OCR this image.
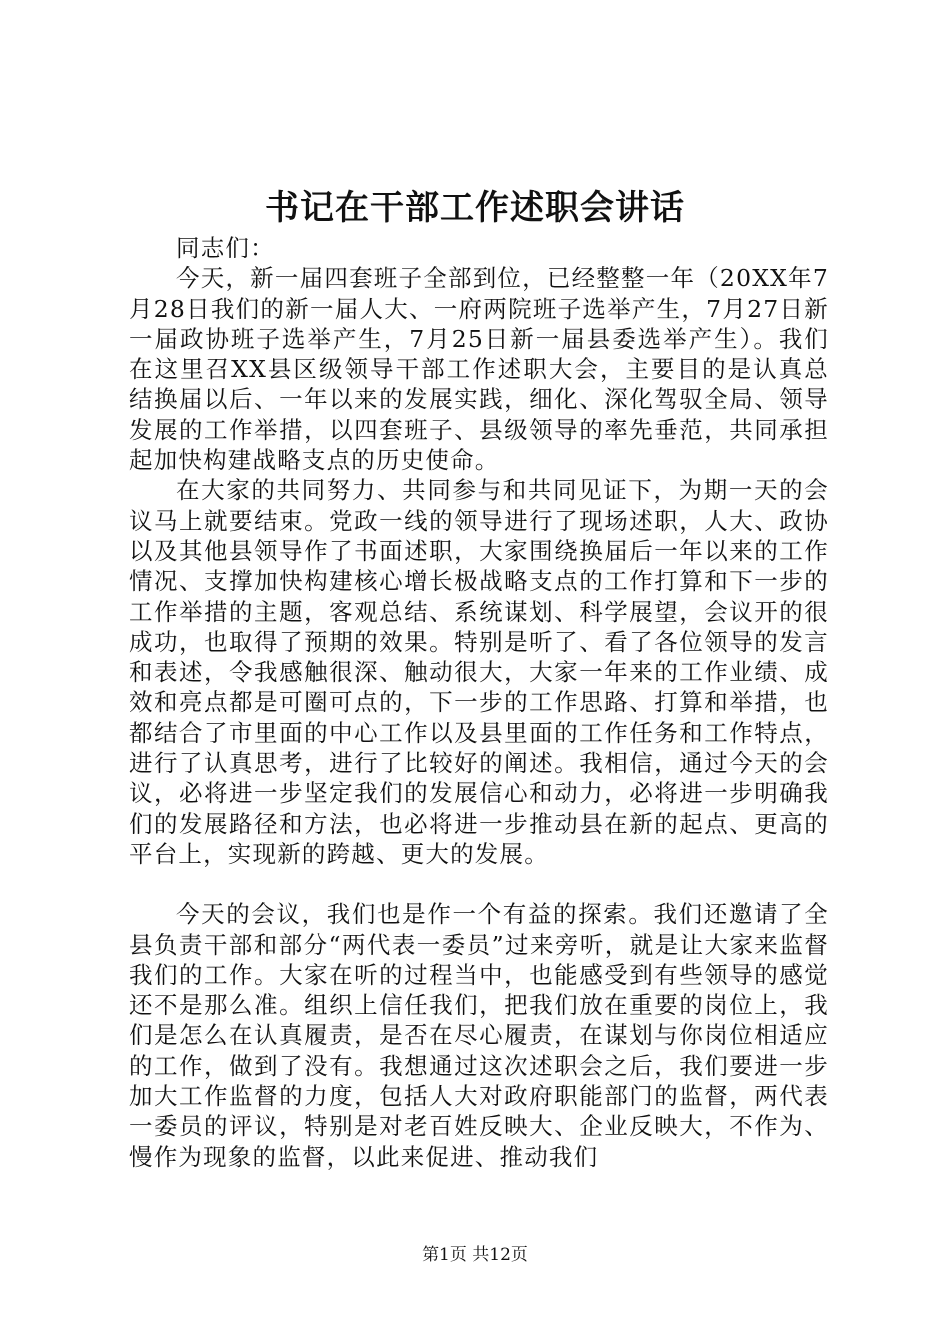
书记在干部工作述职会讲话

同志们：

今天，新一届四套班子全部到位，已经整整一年（20XX年7月28日我们的新一届人大、一府两院班子选举产生，7月27日新一届政协班子选举产生，7月25日新一届县委选举产生）。我们在这里召XX县区级领导干部工作述职大会，主要目的是认真总结换届以后、一年以来的发展实践，细化、深化驾驭全局、领导发展的工作举措，以四套班子、县级领导的率先垂范，共同承担起加快构建战略支点的历史使命。

在大家的共同努力、共同参与和共同见证下，为期一天的会议马上就要结束。党政一线的领导进行了现场述职，人大、政协以及其他县领导作了书面述职，大家围绕换届后一年以来的工作情况、支撑加快构建核心增长极战略支点的工作打算和下一步的工作举措的主题，客观总结、系统谋划、科学展望，会议开的很成功，也取得了预期的效果。特别是听了、看了各位领导的发言和表述，令我感触很深、触动很大，大家一年来的工作业绩、成效和亮点都是可圈可点的，下一步的工作思路、打算和举措，也都结合了市里面的中心工作以及县里面的工作任务和工作特点，进行了认真思考，进行了比较好的阐述。我相信，通过今天的会议，必将进一步坚定我们的发展信心和动力，必将进一步明确我们的发展路径和方法，也必将进一步推动县在新的起点、更高的平台上，实现新的跨越、更大的发展。

今天的会议，我们也是作一个有益的探索。我们还邀请了全县负责干部和部分“两代表一委员”过来旁听，就是让大家来监督我们的工作。大家在听的过程当中，也能感受到有些领导的感觉还不是那么准。组织上信任我们，把我们放在重要的岗位上，我们是怎么在认真履责，是否在尽心履责，在谋划与你岗位相适应的工作，做到了没有。我想通过这次述职会之后，我们要进一步加大工作监督的力度，包括人大对政府职能部门的监督，两代表一委员的评议，特别是对老百姓反映大、企业反映大，不作为、慢作为现象的监督，以此来促进、推动我们

第1页 共12页
